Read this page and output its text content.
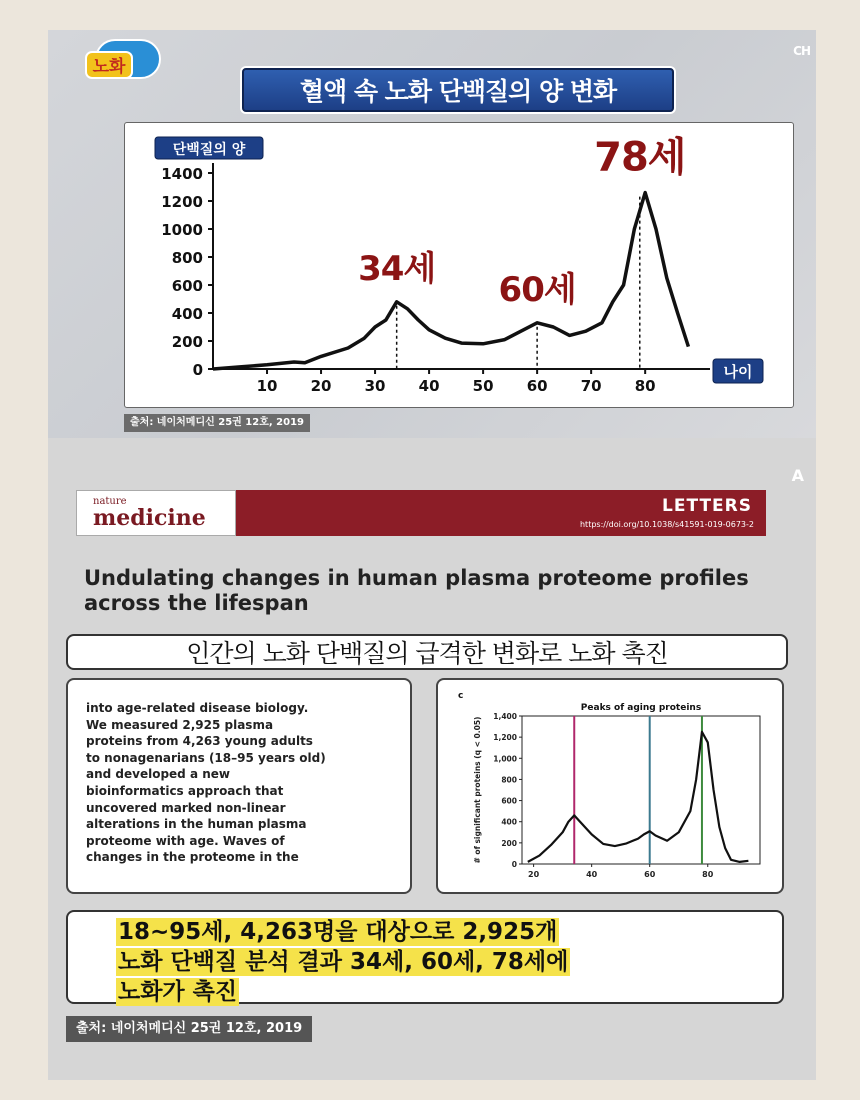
노화
CH
혈액 속 노화 단백질의 양 변화
단백질의 양
0
200
400
600
800
1000
1200
1400
10 20 30 40 50 60 70 80
나이
34세
60세
78세
출처: 네이처메디신 25권 12호, 2019
A
nature
medicine	LETTERS
https://doi.org/10.1038/s41591-019-0673-2
Undulating changes in human plasma proteome profiles across the lifespan
인간의 노화 단백질의 급격한 변화로 노화 촉진

into age-related disease biology.
We measured 2,925 plasma
proteins from 4,263 young adults
to nonagenarians (18–95 years old)
and developed a new
bioinformatics approach that
uncovered marked non-linear
alterations in the human plasma
proteome with age. Waves of
changes in the proteome in the

c
Peaks of aging proteins
0
200
400
600
800
1,000
1,200
1,400
20	40	60	80
# of significant proteins (q < 0.05)
18~95세, 4,263명을 대상으로 2,925개
노화 단백질 분석 결과 34세, 60세, 78세에
노화가 촉진
출처: 네이처메디신 25권 12호, 2019
